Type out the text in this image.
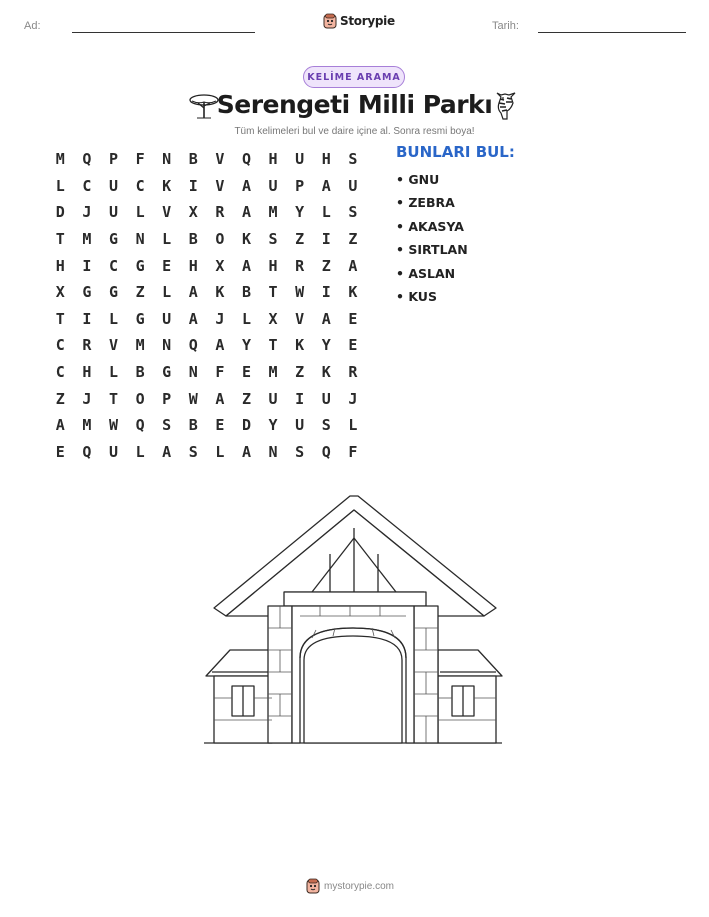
Ad:	Storypie	Tarih:
KELİME ARAMA
Serengeti Milli Parkı
Tüm kelimeleri bul ve daire içine al. Sonra resmi boya!
M	Q	P	F	N	B	V	Q	H	U	H	S
L	C	U	C	K	I	V	A	U	P	A	U
D	J	U	L	V	X	R	A	M	Y	L	S
T	M	G	N	L	B	O	K	S	Z	I	Z
H	I	C	G	E	H	X	A	H	R	Z	A
X	G	G	Z	L	A	K	B	T	W	I	K
T	I	L	G	U	A	J	L	X	V	A	E
C	R	V	M	N	Q	A	Y	T	K	Y	E
C	H	L	B	G	N	F	E	M	Z	K	R
Z	J	T	O	P	W	A	Z	U	I	U	J
A	M	W	Q	S	B	E	D	Y	U	S	L
E	Q	U	L	A	S	L	A	N	S	Q	F
BUNLARI BUL:
• GNU
• ZEBRA
• AKASYA
• SIRTLAN
• ASLAN
• KUS
mystorypie.com
